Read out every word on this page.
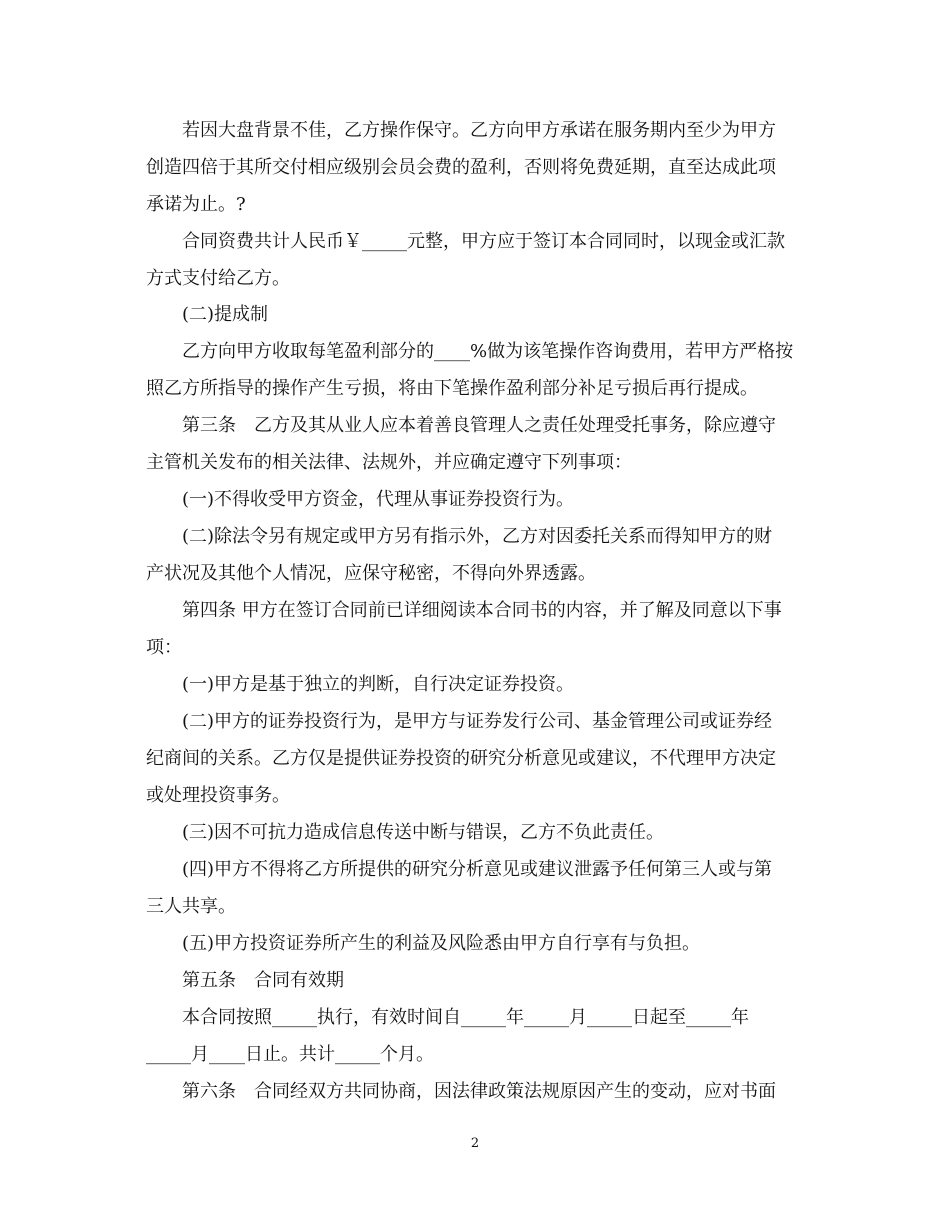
若因大盘背景不佳，乙方操作保守。乙方向甲方承诺在服务期内至少为甲方
创造四倍于其所交付相应级别会员会费的盈利，否则将免费延期，直至达成此项
承诺为止。?
合同资费共计人民币￥_____元整，甲方应于签订本合同同时，以现金或汇款
方式支付给乙方。
(二)提成制
乙方向甲方收取每笔盈利部分的____%做为该笔操作咨询费用，若甲方严格按
照乙方所指导的操作产生亏损，将由下笔操作盈利部分补足亏损后再行提成。
第三条　乙方及其从业人应本着善良管理人之责任处理受托事务，除应遵守
主管机关发布的相关法律、法规外，并应确定遵守下列事项：
(一)不得收受甲方资金，代理从事证券投资行为。
(二)除法令另有规定或甲方另有指示外，乙方对因委托关系而得知甲方的财
产状况及其他个人情况，应保守秘密，不得向外界透露。
第四条 甲方在签订合同前已详细阅读本合同书的内容，并了解及同意以下事
项：
(一)甲方是基于独立的判断，自行决定证券投资。
(二)甲方的证券投资行为，是甲方与证券发行公司、基金管理公司或证券经
纪商间的关系。乙方仅是提供证券投资的研究分析意见或建议，不代理甲方决定
或处理投资事务。
(三)因不可抗力造成信息传送中断与错误，乙方不负此责任。
(四)甲方不得将乙方所提供的研究分析意见或建议泄露予任何第三人或与第
三人共享。
(五)甲方投资证券所产生的利益及风险悉由甲方自行享有与负担。
第五条　合同有效期
本合同按照_____执行，有效时间自_____年_____月_____日起至_____年
_____月____日止。共计_____个月。
第六条　合同经双方共同协商，因法律政策法规原因产生的变动，应对书面
2
